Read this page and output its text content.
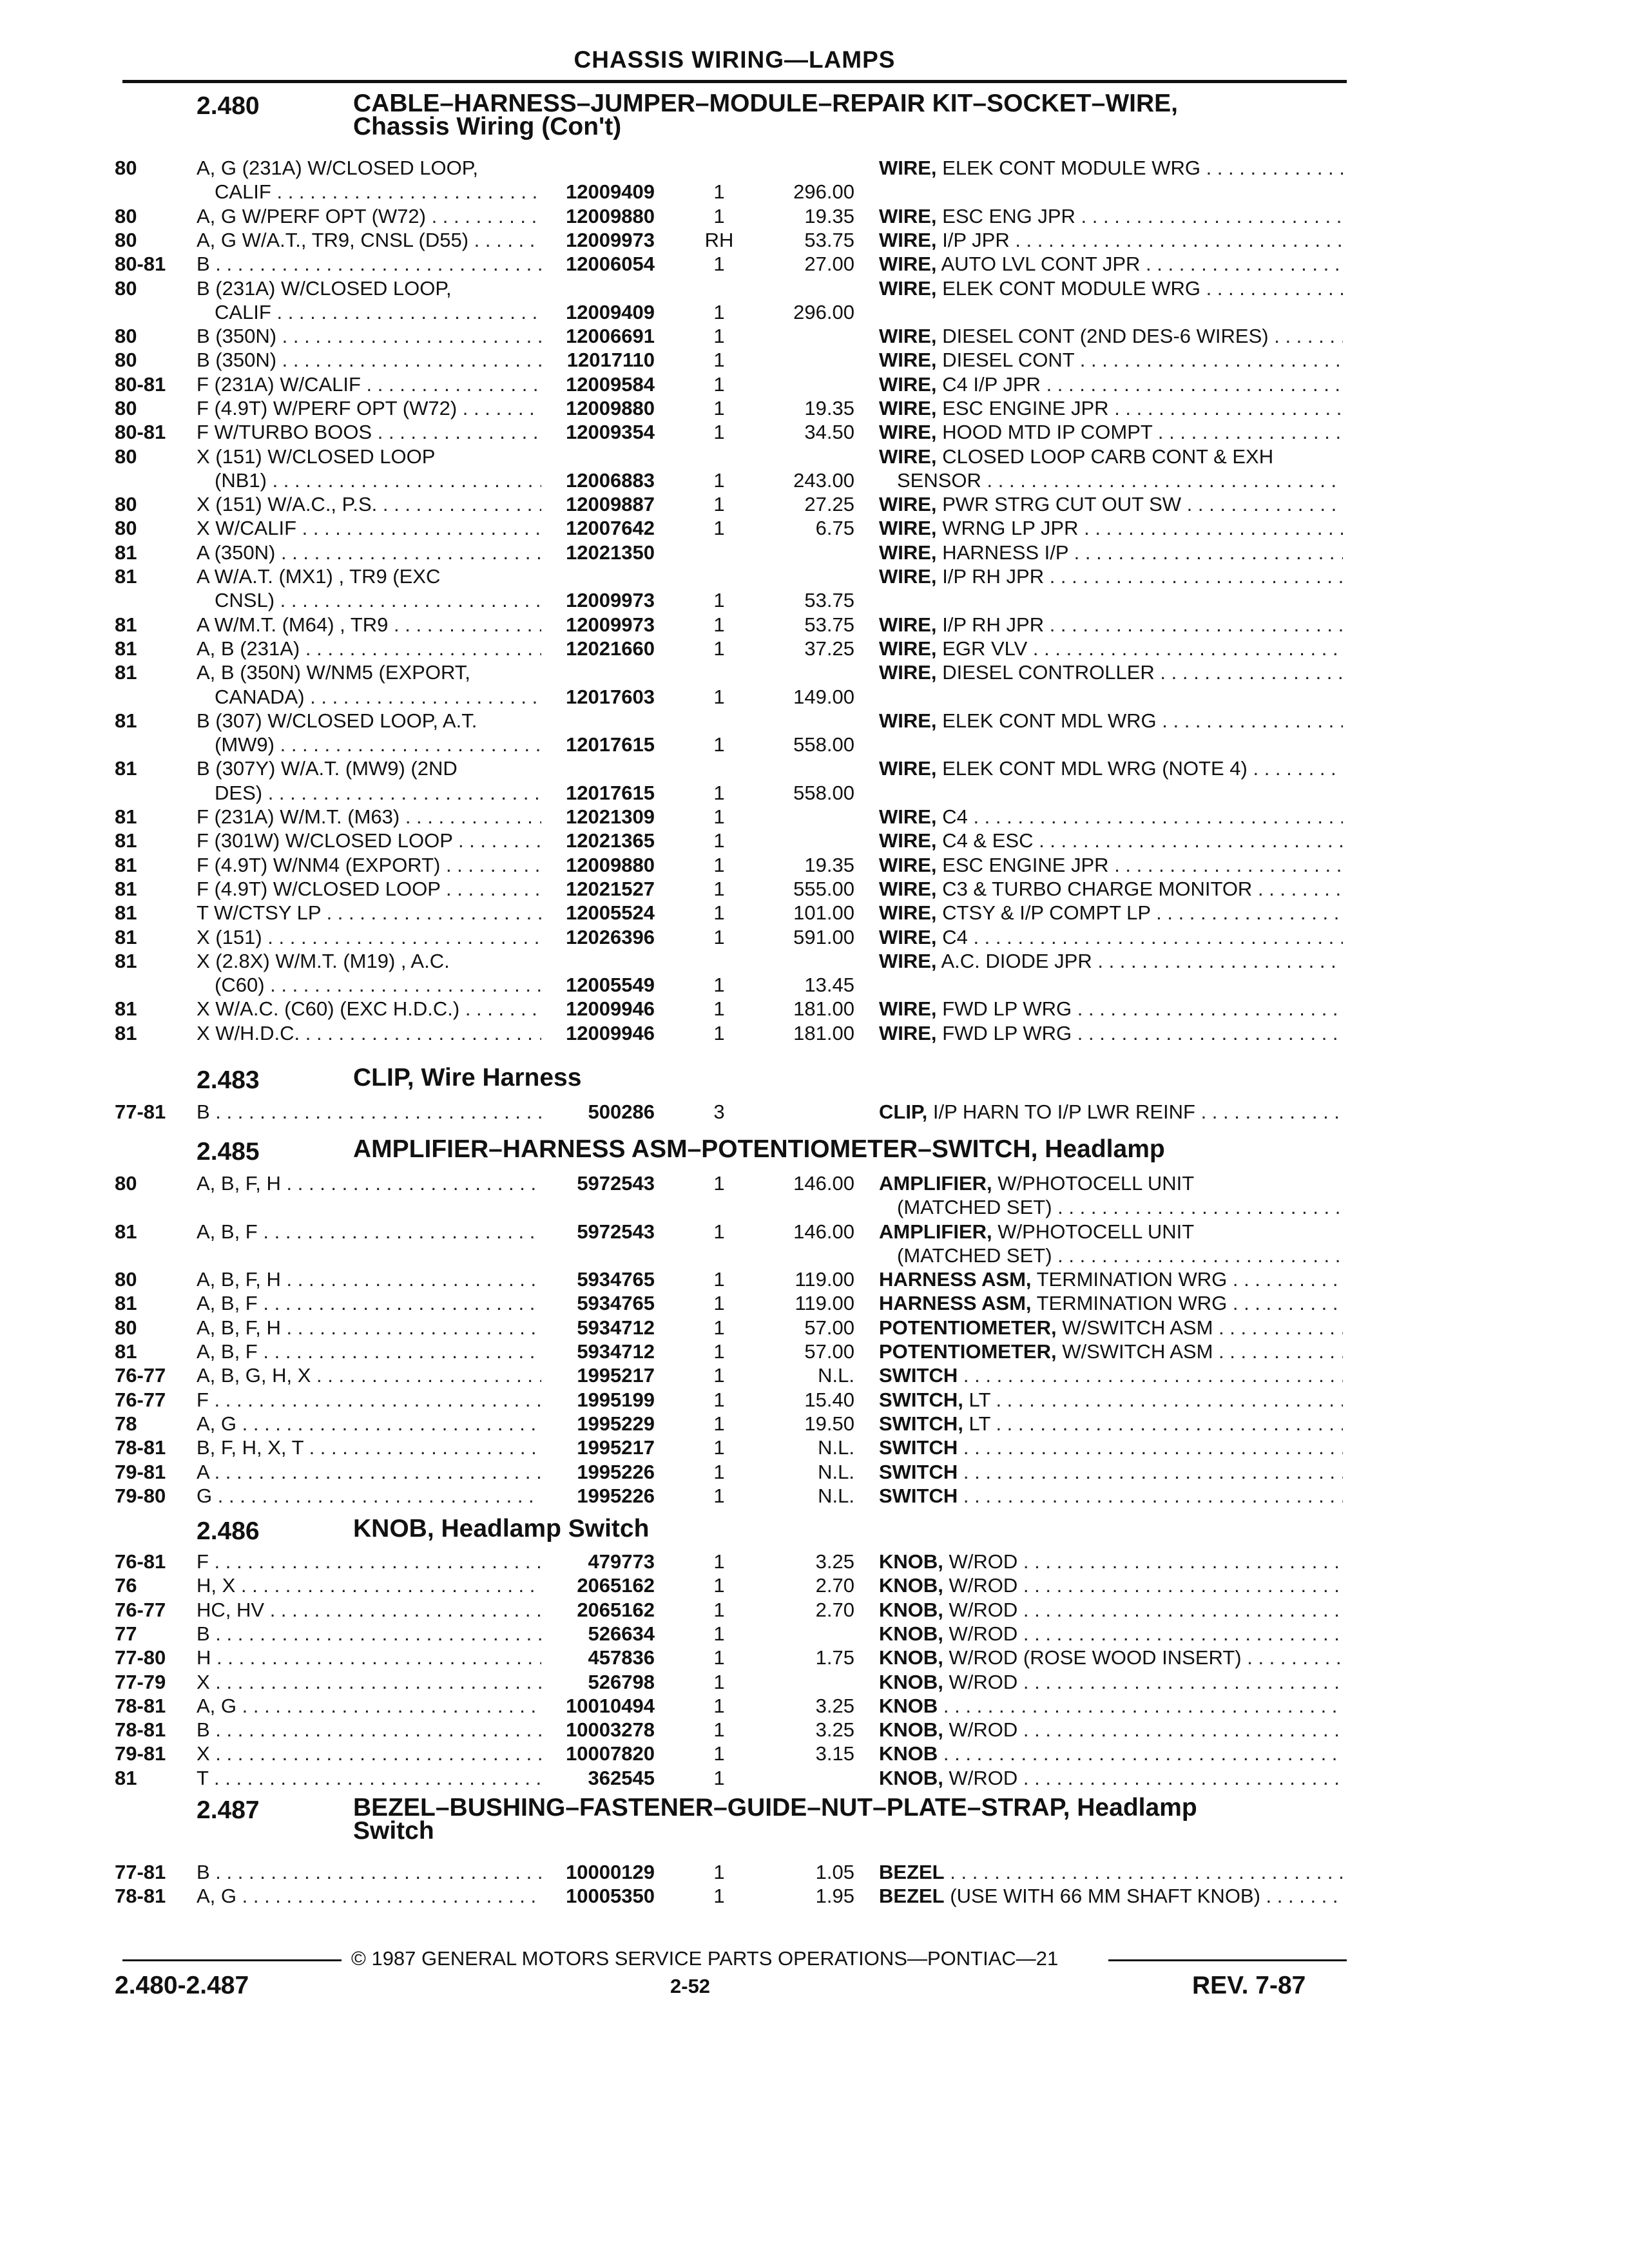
CHASSIS WIRING—LAMPS
2.480	CABLE–HARNESS–JUMPER–MODULE–REPAIR KIT–SOCKET–WIRE,
Chassis Wiring (Con't)
80	A, G (231A) W/CLOSED LOOP,	WIRE, ELEK CONT MODULE WRG . . .
CALIF . . .	12009409	1	296.00
80	A, G W/PERF OPT (W72) . . .	12009880	1	19.35 WIRE, ESC ENG JPR . . .
80	A, G W/A.T., TR9, CNSL (D55) . . .	12009973	RH	53.75 WIRE, I/P JPR . . .
80-81 B . . .	12006054	1	27.00 WIRE, AUTO LVL CONT JPR . . .
80	B (231A) W/CLOSED LOOP,	WIRE, ELEK CONT MODULE WRG . . .
CALIF . . .	12009409	1	296.00
80	B (350N) . . .	12006691	1	WIRE, DIESEL CONT (2ND DES-6 WIRES) . . .
80	B (350N) . . .	12017110	1	WIRE, DIESEL CONT . . .
80-81 F (231A) W/CALIF . . .	12009584	1	WIRE, C4 I/P JPR . . .
80	F (4.9T) W/PERF OPT (W72) . . .	12009880	1	19.35 WIRE, ESC ENGINE JPR . . .
80-81 F W/TURBO BOOS . . .	12009354	1	34.50 WIRE, HOOD MTD IP COMPT . . .
80	X (151) W/CLOSED LOOP	WIRE, CLOSED LOOP CARB CONT & EXH
(NB1) . . .	12006883	1	243.00 SENSOR . . .
80	X (151) W/A.C., P.S. . . .	12009887	1	27.25 WIRE, PWR STRG CUT OUT SW . . .
80	X W/CALIF . . .	12007642	1	6.75 WIRE, WRNG LP JPR . . .
81	A (350N) . . .	12021350	WIRE, HARNESS I/P . . .
81	A W/A.T. (MX1) , TR9 (EXC	WIRE, I/P RH JPR . . .
CNSL) . . .	12009973	1	53.75
81	A W/M.T. (M64) , TR9 . . .	12009973	1	53.75 WIRE, I/P RH JPR . . .
81	A, B (231A) . . .	12021660	1	37.25 WIRE, EGR VLV . . .
81	A, B (350N) W/NM5 (EXPORT,	WIRE, DIESEL CONTROLLER . . .
CANADA) . . .	12017603	1	149.00
81	B (307) W/CLOSED LOOP, A.T.	WIRE, ELEK CONT MDL WRG . . .
(MW9) . . .	12017615	1	558.00
81	B (307Y) W/A.T. (MW9) (2ND	WIRE, ELEK CONT MDL WRG (NOTE 4) . . .
DES) . . .	12017615	1	558.00
81	F (231A) W/M.T. (M63) . . .	12021309	1	WIRE, C4 . . .
81	F (301W) W/CLOSED LOOP . . .	12021365	1	WIRE, C4 & ESC . . .
81	F (4.9T) W/NM4 (EXPORT) . . .	12009880	1	19.35 WIRE, ESC ENGINE JPR . . .
81	F (4.9T) W/CLOSED LOOP . . .	12021527	1	555.00 WIRE, C3 & TURBO CHARGE MONITOR . . .
81	T W/CTSY LP . . .	12005524	1	101.00 WIRE, CTSY & I/P COMPT LP . . .
81	X (151) . . .	12026396	1	591.00 WIRE, C4 . . .
81	X (2.8X) W/M.T. (M19) , A.C.	WIRE, A.C. DIODE JPR . . .
(C60) . . .	12005549	1	13.45
81	X W/A.C. (C60) (EXC H.D.C.) . . .	12009946	1	181.00 WIRE, FWD LP WRG . . .
81	X W/H.D.C. . . .	12009946	1	181.00 WIRE, FWD LP WRG . . .
2.483	CLIP, Wire Harness
77-81 B . . .	500286	3	CLIP, I/P HARN TO I/P LWR REINF . . .
2.485	AMPLIFIER–HARNESS ASM–POTENTIOMETER–SWITCH, Headlamp
80	A, B, F, H . . .	5972543	1	146.00 AMPLIFIER, W/PHOTOCELL UNIT
(MATCHED SET) . . .
81	A, B, F . . .	5972543	1	146.00 AMPLIFIER, W/PHOTOCELL UNIT
(MATCHED SET) . . .
80	A, B, F, H . . .	5934765	1	119.00 HARNESS ASM, TERMINATION WRG . . .
81	A, B, F . . .	5934765	1	119.00 HARNESS ASM, TERMINATION WRG . . .
80	A, B, F, H . . .	5934712	1	57.00 POTENTIOMETER, W/SWITCH ASM . . .
81	A, B, F . . .	5934712	1	57.00 POTENTIOMETER, W/SWITCH ASM . . .
76-77 A, B, G, H, X . . .	1995217	1	N.L. SWITCH . . .
76-77 F . . .	1995199	1	15.40 SWITCH, LT . . .
78	A, G . . .	1995229	1	19.50 SWITCH, LT . . .
78-81 B, F, H, X, T . . .	1995217	1	N.L. SWITCH . . .
79-81 A . . .	1995226	1	N.L. SWITCH . . .
79-80 G . . .	1995226	1	N.L. SWITCH . . .
2.486	KNOB, Headlamp Switch
76-81 F . . .	479773	1	3.25 KNOB, W/ROD . . .
76	H, X . . .	2065162	1	2.70 KNOB, W/ROD . . .
76-77 HC, HV . . .	2065162	1	2.70 KNOB, W/ROD . . .
77	B . . .	526634	1	KNOB, W/ROD . . .
77-80 H . . .	457836	1	1.75 KNOB, W/ROD (ROSE WOOD INSERT) . . .
77-79 X . . .	526798	1	KNOB, W/ROD . . .
78-81 A, G . . .	10010494	1	3.25 KNOB . . .
78-81 B . . .	10003278	1	3.25 KNOB, W/ROD . . .
79-81 X . . .	10007820	1	3.15 KNOB . . .
81	T . . .	362545	1	KNOB, W/ROD . . .
2.487	BEZEL–BUSHING–FASTENER–GUIDE–NUT–PLATE–STRAP, Headlamp
Switch
77-81 B . . .	10000129	1	1.05 BEZEL . . .
78-81 A, G . . .	10005350	1	1.95 BEZEL (USE WITH 66 MM SHAFT KNOB) . . . .
© 1987 GENERAL MOTORS SERVICE PARTS OPERATIONS—PONTIAC—21
2.480-2.487	2-52	REV. 7-87
